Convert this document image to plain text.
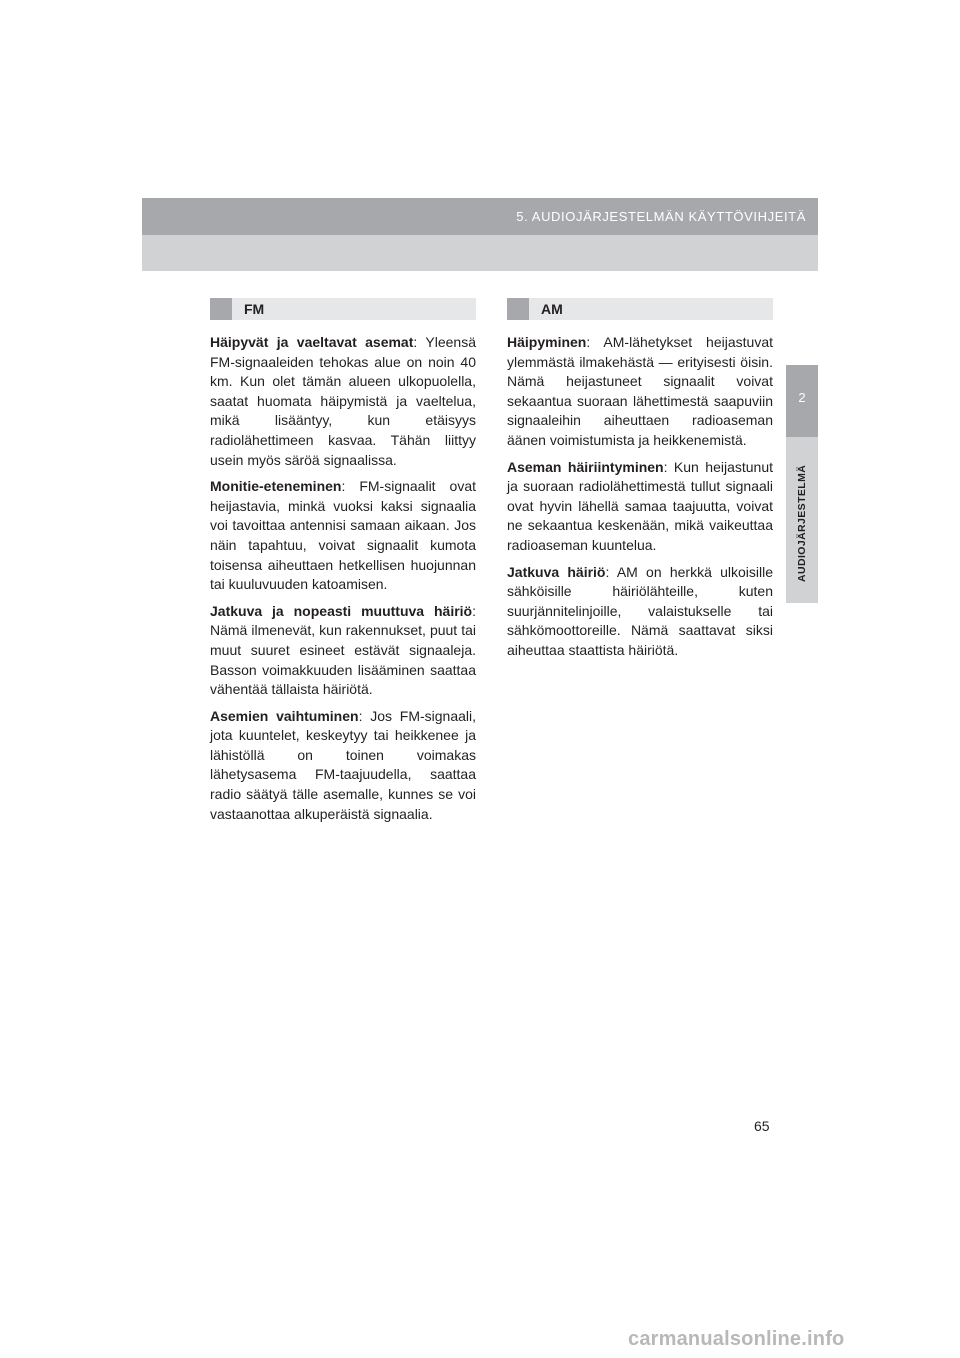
5. AUDIOJÄRJESTELMÄN KÄYTTÖVIHJEITÄ
2
AUDIOJÄRJESTELMÄ
FM

Häipyvät ja vaeltavat asemat: Yleensä FM-signaaleiden tehokas alue on noin 40 km. Kun olet tämän alueen ulkopuolella, saatat huomata häipymistä ja vaeltelua, mikä lisääntyy, kun etäisyys radiolähettimeen kasvaa. Tähän liittyy usein myös säröä signaalissa.

Monitie-eteneminen: FM-signaalit ovat heijastavia, minkä vuoksi kaksi signaalia voi tavoittaa antennisi samaan aikaan. Jos näin tapahtuu, voivat signaalit kumota toisensa aiheuttaen hetkellisen huojunnan tai kuuluvuuden katoamisen.

Jatkuva ja nopeasti muuttuva häiriö: Nämä ilmenevät, kun rakennukset, puut tai muut suuret esineet estävät signaaleja. Basson voimakkuuden lisääminen saattaa vähentää tällaista häiriötä.

Asemien vaihtuminen: Jos FM-signaali, jota kuuntelet, keskeytyy tai heikkenee ja lähistöllä on toinen voimakas lähetysasema FM-taajuudella, saattaa radio säätyä tälle asemalle, kunnes se voi vastaanottaa alkuperäistä signaalia.

AM

Häipyminen: AM-lähetykset heijastuvat ylemmästä ilmakehästä — erityisesti öisin. Nämä heijastuneet signaalit voivat sekaantua suoraan lähettimestä saapuviin signaaleihin aiheuttaen radioaseman äänen voimistumista ja heikkenemistä.

Aseman häiriintyminen: Kun heijastunut ja suoraan radiolähettimestä tullut signaali ovat hyvin lähellä samaa taajuutta, voivat ne sekaantua keskenään, mikä vaikeuttaa radioaseman kuuntelua.

Jatkuva häiriö: AM on herkkä ulkoisille sähköisille häiriölähteille, kuten suurjännitelinjoille, valaistukselle tai sähkömoottoreille. Nämä saattavat siksi aiheuttaa staattista häiriötä.

65
carmanualsonline.info
